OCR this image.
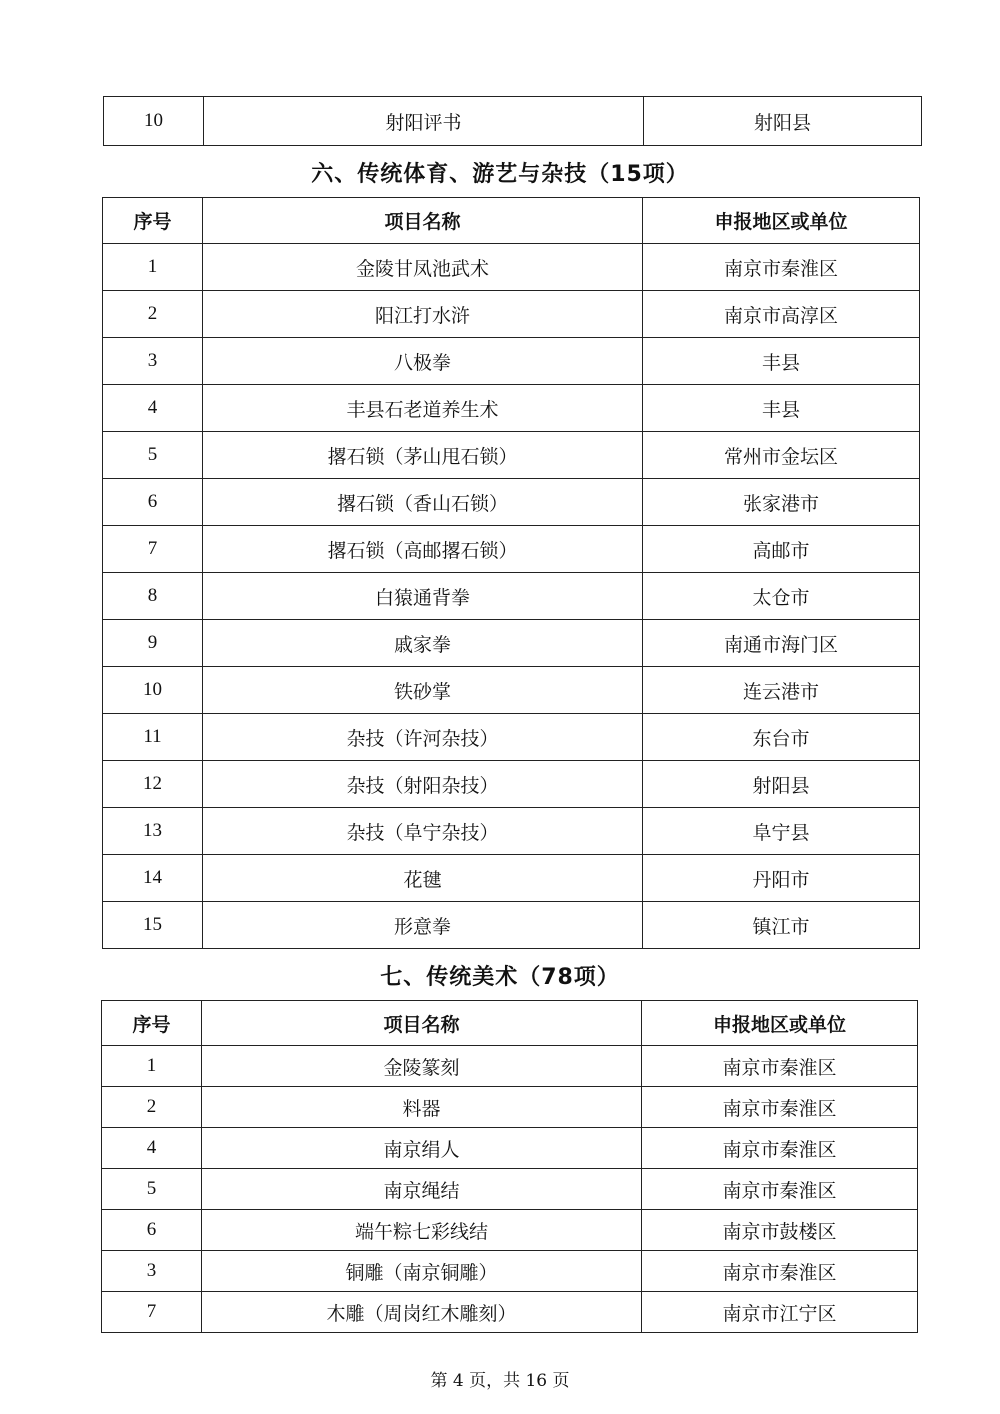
10	射阳评书	射阳县
六、传统体育、游艺与杂技（15项）
序号	项目名称	申报地区或单位
1	金陵甘凤池武术	南京市秦淮区
2	阳江打水浒	南京市高淳区
3	八极拳	丰县
4	丰县石老道养生术	丰县
5	撂石锁（茅山甩石锁）	常州市金坛区
6	撂石锁（香山石锁）	张家港市
7	撂石锁（高邮撂石锁）	高邮市
8	白猿通背拳	太仓市
9	戚家拳	南通市海门区
10	铁砂掌	连云港市
11	杂技（许河杂技）	东台市
12	杂技（射阳杂技）	射阳县
13	杂技（阜宁杂技）	阜宁县
14	花毽	丹阳市
15	形意拳	镇江市
七、传统美术（78项）
序号	项目名称	申报地区或单位
1	金陵篆刻	南京市秦淮区
2	料器	南京市秦淮区
4	南京绢人	南京市秦淮区
5	南京绳结	南京市秦淮区
6	端午粽七彩线结	南京市鼓楼区
3	铜雕（南京铜雕）	南京市秦淮区
7	木雕（周岗红木雕刻）	南京市江宁区
第 4 页，共 16 页
